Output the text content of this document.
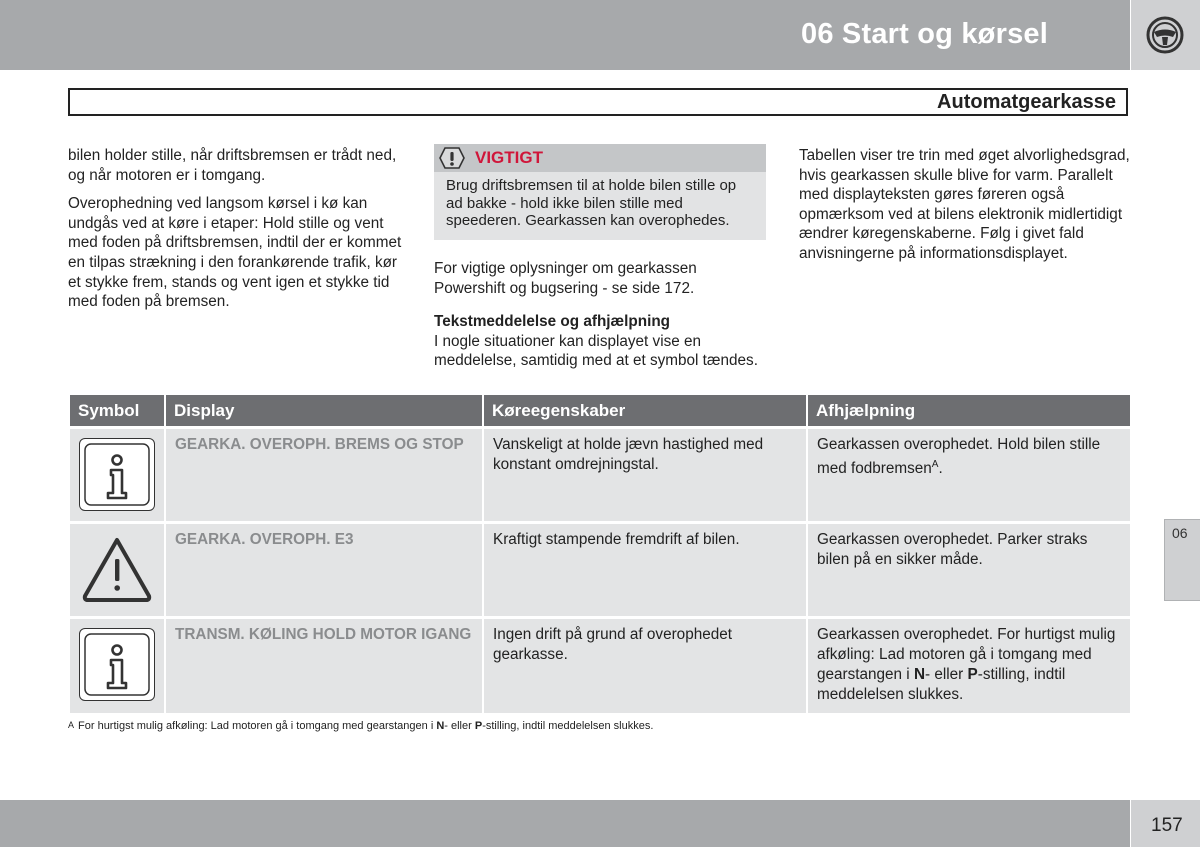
06 Start og kørsel
Automatgearkasse

bilen holder stille, når driftsbremsen er trådt ned, og når motoren er i tomgang.

Overophedning ved langsom kørsel i kø kan undgås ved at køre i etaper: Hold stille og vent med foden på driftsbremsen, indtil der er kommet en tilpas strækning i den forankørende trafik, kør et stykke frem, stands og vent igen et stykke tid med foden på bremsen.

VIGTIGT
Brug driftsbremsen til at holde bilen stille op ad bakke - hold ikke bilen stille med speederen. Gearkassen kan overophedes.

For vigtige oplysninger om gearkassen Powershift og bugsering - se side 172.

Tekstmeddelelse og afhjælpning

I nogle situationer kan displayet vise en meddelelse, samtidig med at et symbol tændes.

Tabellen viser tre trin med øget alvorlighedsgrad, hvis gearkassen skulle blive for varm. Parallelt med displayteksten gøres føreren også opmærksom ved at bilens elektronik midlertidigt ændrer køregenskaberne. Følg i givet fald anvisningerne på informationsdisplayet.

Symbol	Display	Køreegenskaber	Afhjælpning

	GEARKA. OVEROPH. BREMS OG STOP	Vanskeligt at holde jævn hastighed med konstant omdrejningstal.	Gearkassen overophedet. Hold bilen stille med fodbremsen$^A$.

	GEARKA. OVEROPH. E3	Kraftigt stampende fremdrift af bilen.	Gearkassen overophedet. Parker straks bilen på en sikker måde.

	TRANSM. KØLING HOLD MOTOR IGANG	Ingen drift på grund af overophedet gearkasse.	Gearkassen overophedet. For hurtigst mulig afkøling: Lad motoren gå i tomgang med gearstangen i N- eller P-stilling, indtil meddelelsen slukkes.
$^A$ For hurtigst mulig afkøling: Lad motoren gå i tomgang med gearstangen i N- eller P-stilling, indtil meddelelsen slukkes.
06
157
